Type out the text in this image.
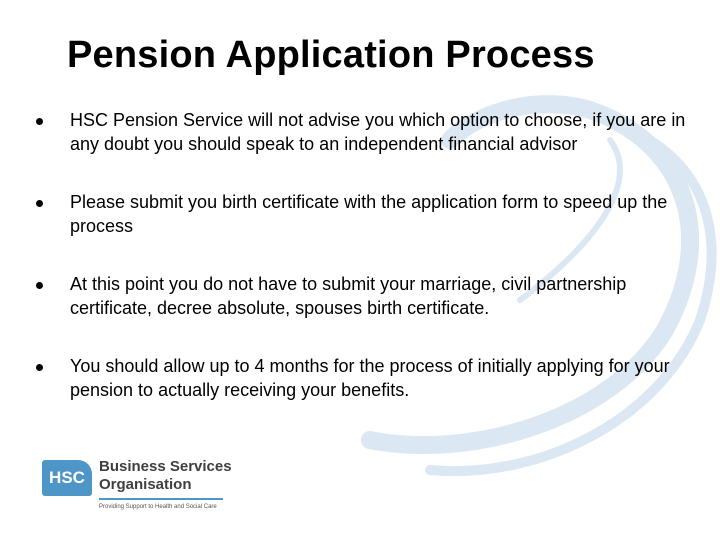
Pension Application Process
HSC Pension Service will not advise you which option to choose, if you are in any doubt you should speak to an independent financial advisor
Please submit you birth certificate with the application form to speed up the process
At this point you do not have to submit your marriage, civil partnership certificate, decree absolute, spouses birth certificate.
You should allow up to 4 months for the process of initially applying for your pension to actually receiving your benefits.
HSC
Business Services
Organisation
Providing Support to Health and Social Care
